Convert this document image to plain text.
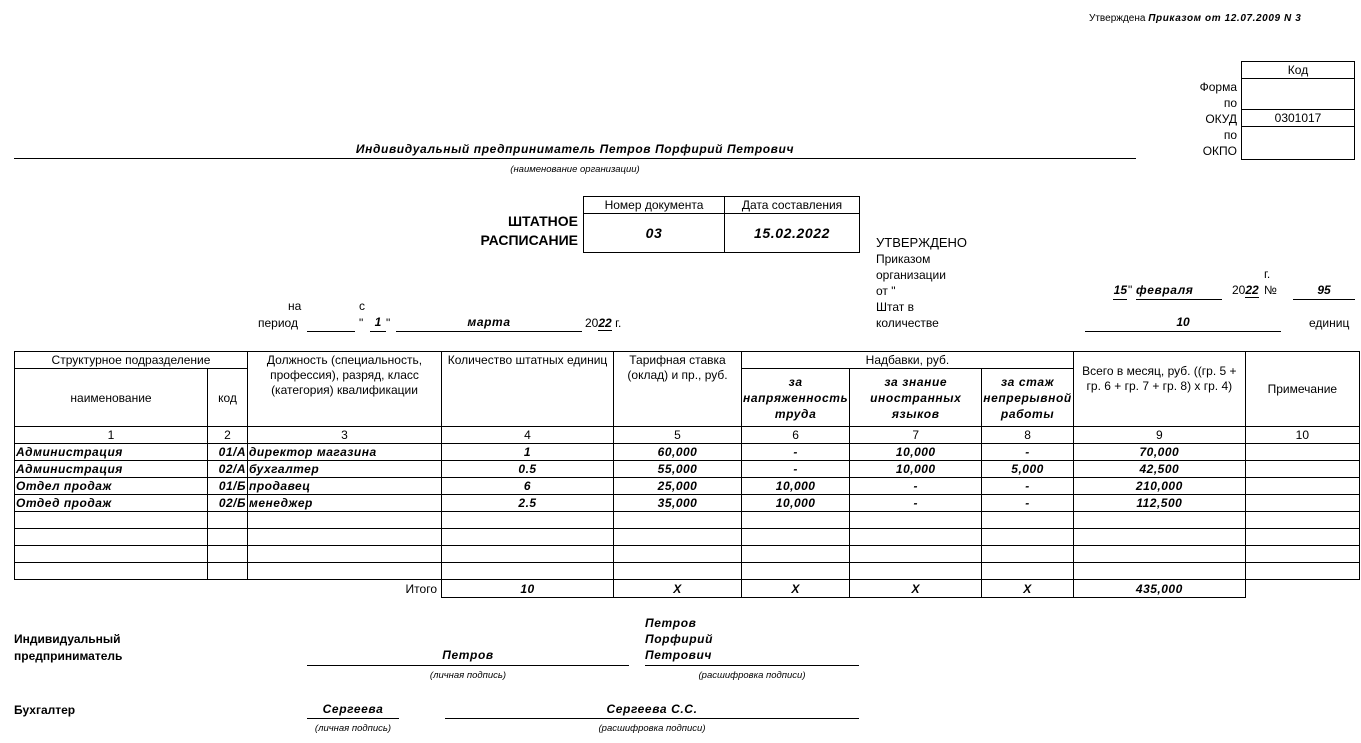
Утверждена Приказом от 12.07.2009 N 3
Код
0301017
Форма
по
ОКУД
по
ОКПО
Индивидуальный предприниматель Петров Порфирий Петрович
(наименование организации)
ШТАТНОЕ
РАСПИСАНИЕ
Номер документа	Дата составления
03	15.02.2022
УТВЕРЖДЕНО
Приказом
организации
от "
Штат в
количестве
г.
15 " февраля	2022 №	95
10	единиц
на
период
с
" 1 "	марта	2022 г.
Структурное подразделение		Должность (специальность, профессия), разряд, класс (категория) квалификации	Количество штатных единиц	Тарифная ставка (оклад) и пр., руб.	Надбавки, руб.			Всего в месяц, руб. ((гр. 5 + гр. 6 + гр. 7 + гр. 8) х гр. 4)	Примечание
наименование	код				за напряженность труда	за знание иностранных языков	за стаж непрерывной работы		
1	2	3	4	5	6	7	8	9	10
Администрация	01/А	директор магазина	1	60,000	-	10,000	-	70,000	
Администрация	02/А	бухгалтер	0.5	55,000	-	10,000	5,000	42,500	
Отдел продаж	01/Б	продавец	6	25,000	10,000	-	-	210,000	
Отдед продаж	02/Б	менеджер	2.5	35,000	10,000	-	-	112,500	

		Итого	10	X	X	X	X	435,000	
Индивидуальный
предприниматель	Петров
(личная подпись)
Петров
Порфирий
Петрович
(расшифровка подписи)
Бухгалтер	Сергеева
(личная подпись)
Сергеева С.С.
(расшифровка подписи)
